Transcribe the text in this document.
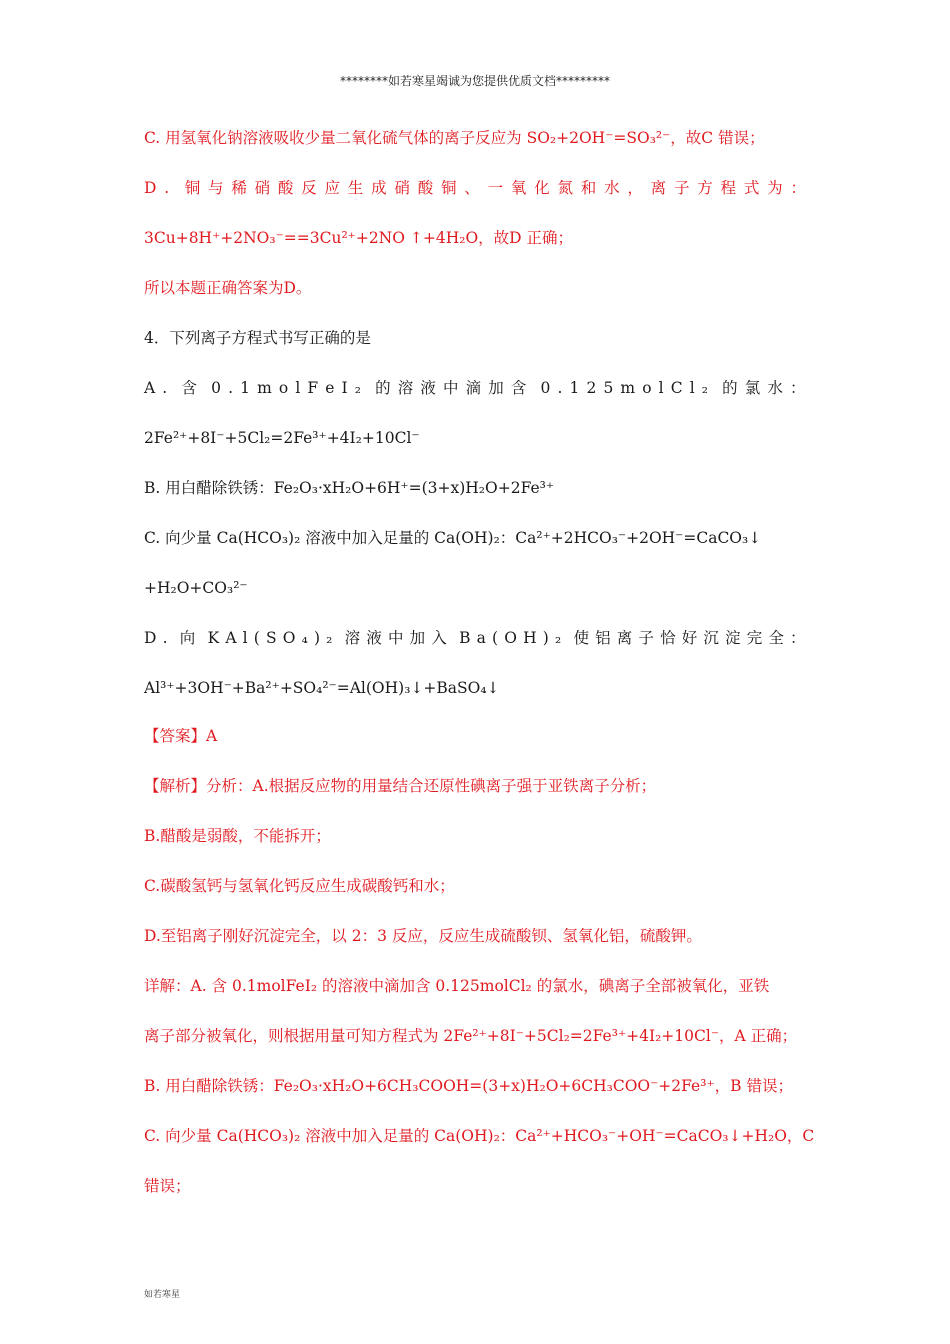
********如若寒星竭诚为您提供优质文档*********
C. 用氢氧化钠溶液吸收少量二氧化硫气体的离子反应为 SO₂+2OH⁻=SO₃²⁻，故C 错误；
D . 铜 与 稀 硝 酸 反 应 生 成 硝 酸 铜 、 一 氧 化 氮 和 水 ， 离 子 方 程 式 为 ：
3Cu+8H⁺+2NO₃⁻==3Cu²⁺+2NO ↑+4H₂O，故D 正确；
所以本题正确答案为D。
4．下列离子方程式书写正确的是
A . 含 0 . 1 m o l F e I ₂ 的 溶 液 中 滴 加 含 0 . 1 2 5 m o l C l ₂ 的 氯 水 ：
2Fe²⁺+8I⁻+5Cl₂=2Fe³⁺+4I₂+10Cl⁻
B. 用白醋除铁锈：Fe₂O₃·xH₂O+6H⁺=(3+x)H₂O+2Fe³⁺
C. 向少量 Ca(HCO₃)₂ 溶液中加入足量的 Ca(OH)₂：Ca²⁺+2HCO₃⁻+2OH⁻=CaCO₃↓
+H₂O+CO₃²⁻
D . 向 K A l ( S O ₄ ) ₂ 溶 液 中 加 入 B a ( O H ) ₂ 使 铝 离 子 恰 好 沉 淀 完 全 ：
Al³⁺+3OH⁻+Ba²⁺+SO₄²⁻=Al(OH)₃↓+BaSO₄↓
【答案】A
【解析】分析：A.根据反应物的用量结合还原性碘离子强于亚铁离子分析；
B.醋酸是弱酸，不能拆开；
C.碳酸氢钙与氢氧化钙反应生成碳酸钙和水；
D.至铝离子刚好沉淀完全，以 2：3 反应，反应生成硫酸钡、氢氧化铝，硫酸钾。
详解：A. 含 0.1molFeI₂ 的溶液中滴加含 0.125molCl₂ 的氯水，碘离子全部被氧化，亚铁
离子部分被氧化，则根据用量可知方程式为 2Fe²⁺+8I⁻+5Cl₂=2Fe³⁺+4I₂+10Cl⁻，A 正确；
B. 用白醋除铁锈：Fe₂O₃·xH₂O+6CH₃COOH=(3+x)H₂O+6CH₃COO⁻+2Fe³⁺，B 错误；
C. 向少量 Ca(HCO₃)₂ 溶液中加入足量的 Ca(OH)₂：Ca²⁺+HCO₃⁻+OH⁻=CaCO₃↓+H₂O，C
错误；
如若寒星
